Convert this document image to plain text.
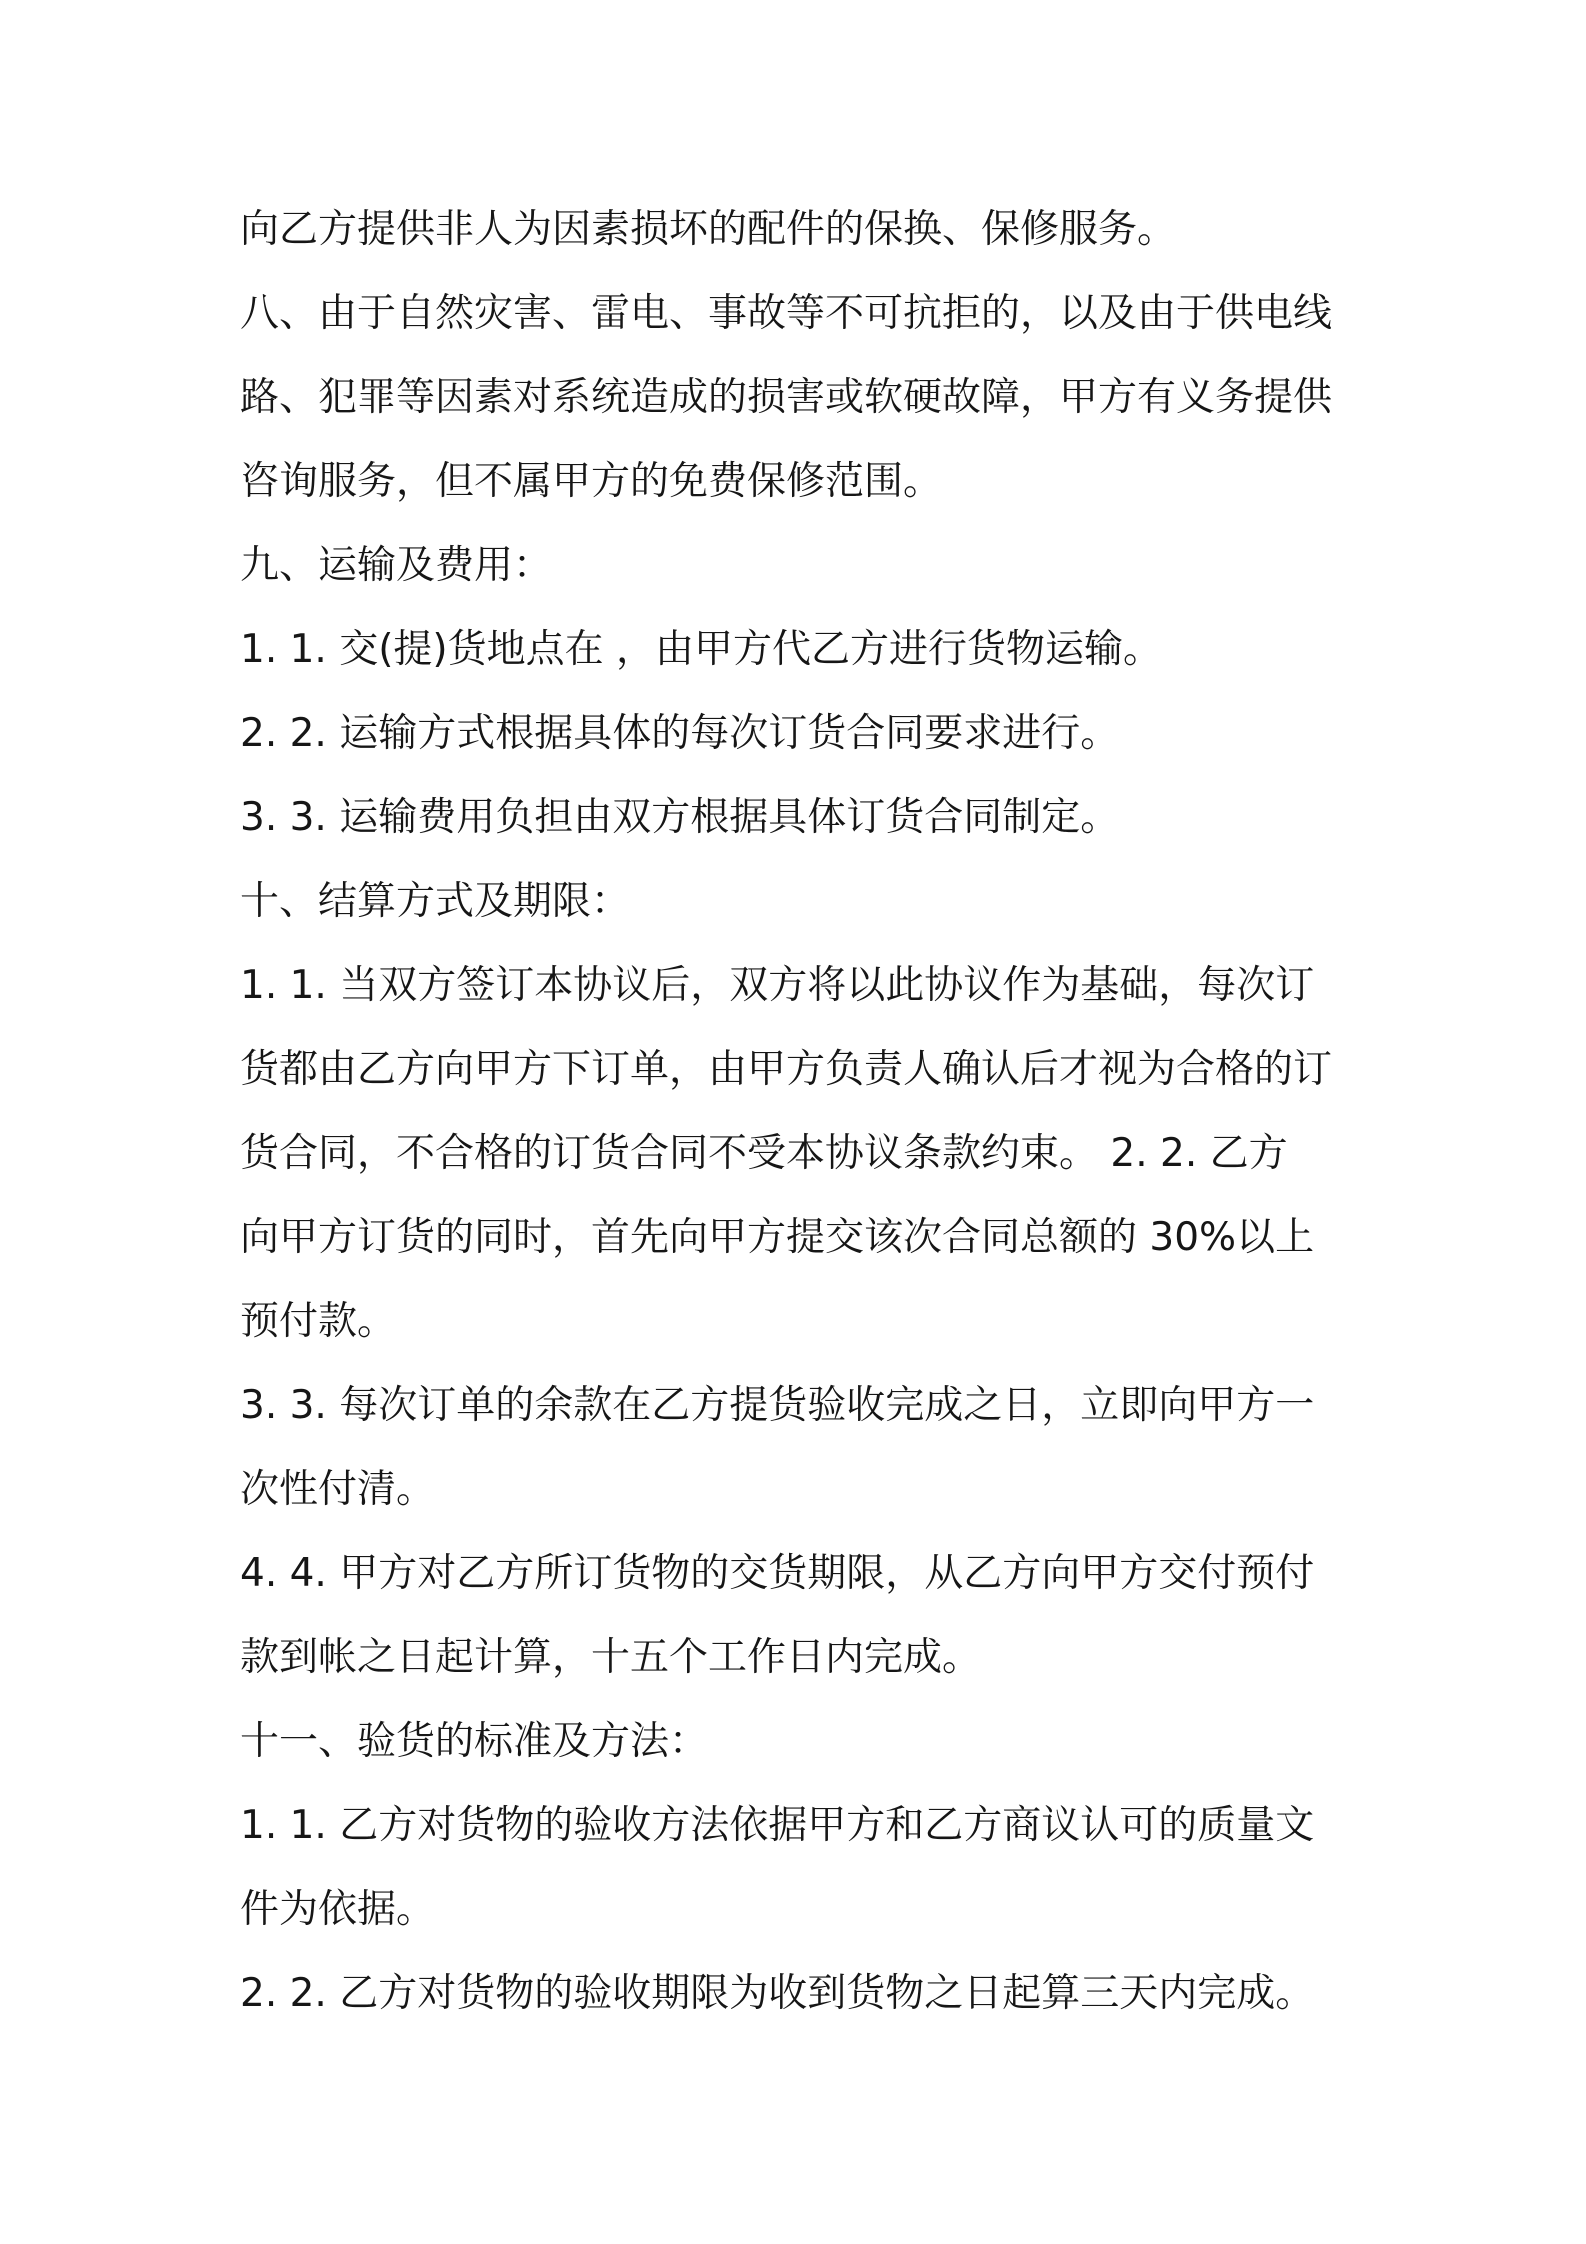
向乙方提供非人为因素损坏的配件的保换、保修服务。
八、由于自然灾害、雷电、事故等不可抗拒的，以及由于供电线
路、犯罪等因素对系统造成的损害或软硬故障，甲方有义务提供
咨询服务，但不属甲方的免费保修范围。
九、运输及费用：
1. 1. 交(提)货地点在 ，由甲方代乙方进行货物运输。
2. 2. 运输方式根据具体的每次订货合同要求进行。
3. 3. 运输费用负担由双方根据具体订货合同制定。
十、结算方式及期限：
1. 1. 当双方签订本协议后，双方将以此协议作为基础，每次订
货都由乙方向甲方下订单，由甲方负责人确认后才视为合格的订
货合同，不合格的订货合同不受本协议条款约束。 2. 2. 乙方
向甲方订货的同时，首先向甲方提交该次合同总额的 30%以上
预付款。
3. 3. 每次订单的余款在乙方提货验收完成之日，立即向甲方一
次性付清。
4. 4. 甲方对乙方所订货物的交货期限，从乙方向甲方交付预付
款到帐之日起计算，十五个工作日内完成。
十一、验货的标准及方法：
1. 1. 乙方对货物的验收方法依据甲方和乙方商议认可的质量文
件为依据。
2. 2. 乙方对货物的验收期限为收到货物之日起算三天内完成。
